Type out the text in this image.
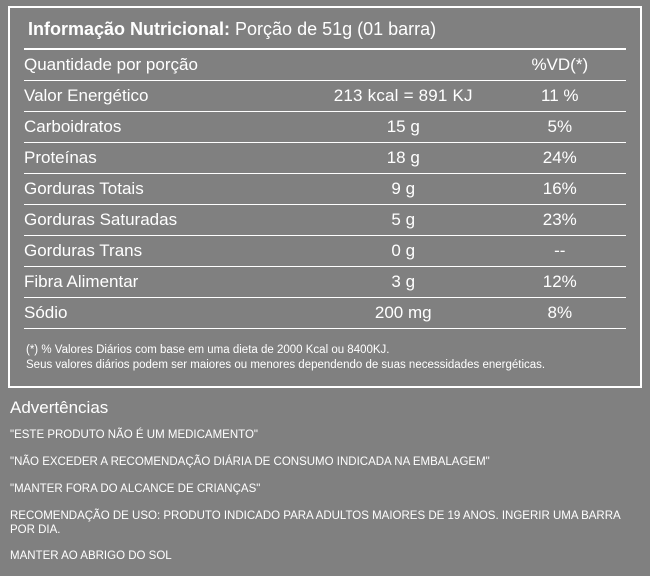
Informação Nutricional: Porção de 51g (01 barra)
Quantidade por porção		%VD(*)
Valor Energético	213 kcal = 891 KJ	11 %
Carboidratos	15 g	5%
Proteínas	18 g	24%
Gorduras Totais	9 g	16%
Gorduras Saturadas	5 g	23%
Gorduras Trans	0 g	--
Fibra Alimentar	3 g	12%
Sódio	200 mg	8%
(*) % Valores Diários com base em uma dieta de 2000 Kcal ou 8400KJ.
Seus valores diários podem ser maiores ou menores dependendo de suas necessidades energéticas.
Advertências
"ESTE PRODUTO NÃO É UM MEDICAMENTO"
"NÃO EXCEDER A RECOMENDAÇÃO DIÁRIA DE CONSUMO INDICADA NA EMBALAGEM"
"MANTER FORA DO ALCANCE DE CRIANÇAS"
RECOMENDAÇÃO DE USO: PRODUTO INDICADO PARA ADULTOS MAIORES DE 19 ANOS. INGERIR UMA BARRA POR DIA.
MANTER AO ABRIGO DO SOL
